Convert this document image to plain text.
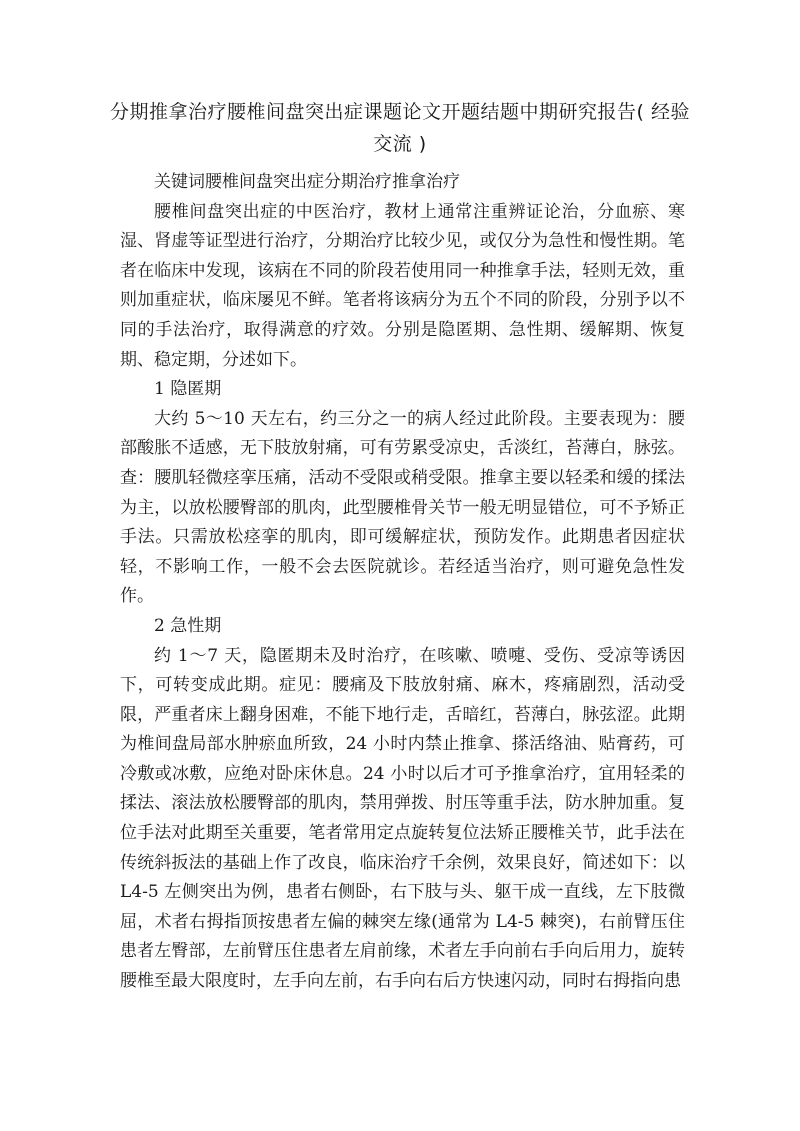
分期推拿治疗腰椎间盘突出症课题论文开题结题中期研究报告( 经验交流 )

关键词腰椎间盘突出症分期治疗推拿治疗

腰椎间盘突出症的中医治疗，教材上通常注重辨证论治，分血瘀、寒湿、肾虚等证型进行治疗，分期治疗比较少见，或仅分为急性和慢性期。笔者在临床中发现，该病在不同的阶段若使用同一种推拿手法，轻则无效，重则加重症状，临床屡见不鲜。笔者将该病分为五个不同的阶段，分别予以不同的手法治疗，取得满意的疗效。分别是隐匿期、急性期、缓解期、恢复期、稳定期，分述如下。

1 隐匿期

大约 5～10 天左右，约三分之一的病人经过此阶段。主要表现为：腰部酸胀不适感，无下肢放射痛，可有劳累受凉史，舌淡红，苔薄白，脉弦。查：腰肌轻微痉挛压痛，活动不受限或稍受限。推拿主要以轻柔和缓的揉法为主，以放松腰臀部的肌肉，此型腰椎骨关节一般无明显错位，可不予矫正手法。只需放松痉挛的肌肉，即可缓解症状，预防发作。此期患者因症状轻，不影响工作，一般不会去医院就诊。若经适当治疗，则可避免急性发作。

2 急性期

约 1～7 天，隐匿期未及时治疗，在咳嗽、喷嚏、受伤、受凉等诱因下，可转变成此期。症见：腰痛及下肢放射痛、麻木，疼痛剧烈，活动受限，严重者床上翻身困难，不能下地行走，舌暗红，苔薄白，脉弦涩。此期为椎间盘局部水肿瘀血所致，24 小时内禁止推拿、搽活络油、贴膏药，可冷敷或冰敷，应绝对卧床休息。24 小时以后才可予推拿治疗，宜用轻柔的揉法、滚法放松腰臀部的肌肉，禁用弹拨、肘压等重手法，防水肿加重。复位手法对此期至关重要，笔者常用定点旋转复位法矫正腰椎关节，此手法在传统斜扳法的基础上作了改良，临床治疗千余例，效果良好，简述如下：以 L4-5 左侧突出为例，患者右侧卧，右下肢与头、躯干成一直线，左下肢微屈，术者右拇指顶按患者左偏的棘突左缘(通常为 L4-5 棘突)，右前臂压住患者左臀部，左前臂压住患者左肩前缘，术者左手向前右手向后用力，旋转腰椎至最大限度时，左手向左前，右手向右后方快速闪动，同时右拇指向患
